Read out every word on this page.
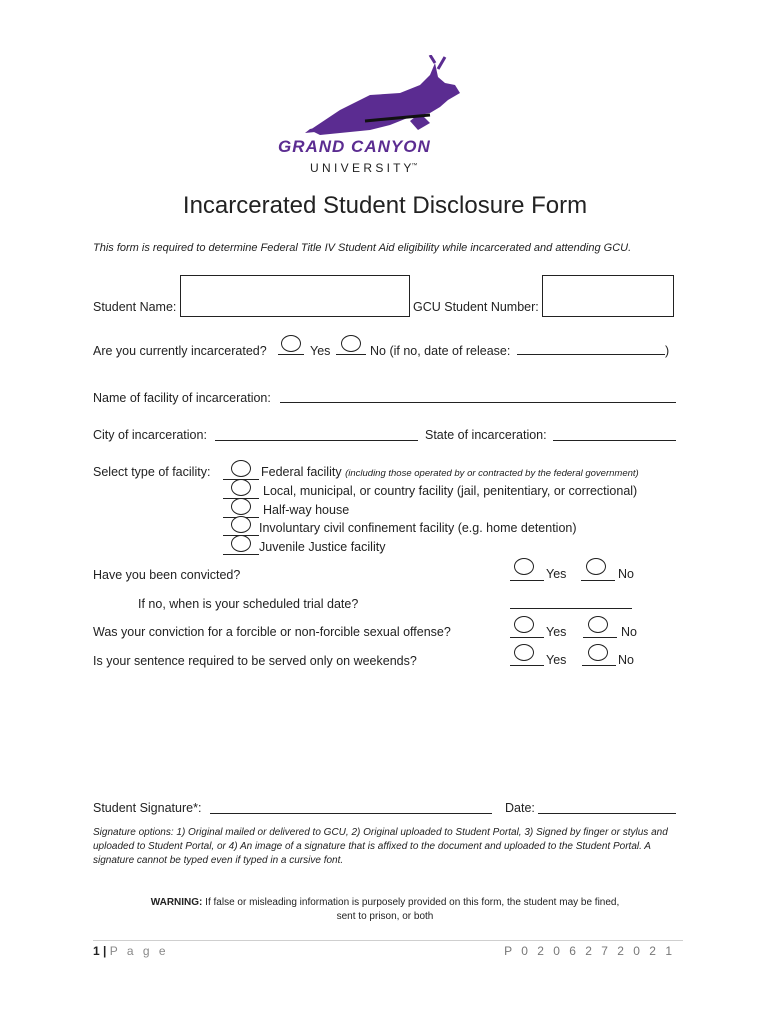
GRAND CANYON
U N I V E R S I T Y™
Incarcerated Student Disclosure Form
This form is required to determine Federal Title IV Student Aid eligibility while incarcerated and attending GCU.
Student Name:	GCU Student Number:
Are you currently incarcerated?	Yes	No (if no, date of release:	)
Name of facility of incarceration:
City of incarceration:	State of incarceration:
Select type of facility:	Federal facility (including those operated by or contracted by the federal government)
Local, municipal, or country facility (jail, penitentiary, or correctional)
Half-way house
Involuntary civil confinement facility (e.g. home detention)
Juvenile Justice facility
Have you been convicted?	Yes	No
If no, when is your scheduled trial date?
Was your conviction for a forcible or non-forcible sexual offense?	Yes	No
Is your sentence required to be served only on weekends?	Yes	No
Student Signature*:	Date:
Signature options: 1) Original mailed or delivered to GCU, 2) Original uploaded to Student Portal, 3) Signed by finger or stylus and uploaded to Student Portal, or 4) An image of a signature that is affixed to the document and uploaded to the Student Portal. A signature cannot be typed even if typed in a cursive font.
WARNING: If false or misleading information is purposely provided on this form, the student may be fined,
sent to prison, or both
1 | P a g e	P 0 2 0 6 2 7 2 0 2 1
